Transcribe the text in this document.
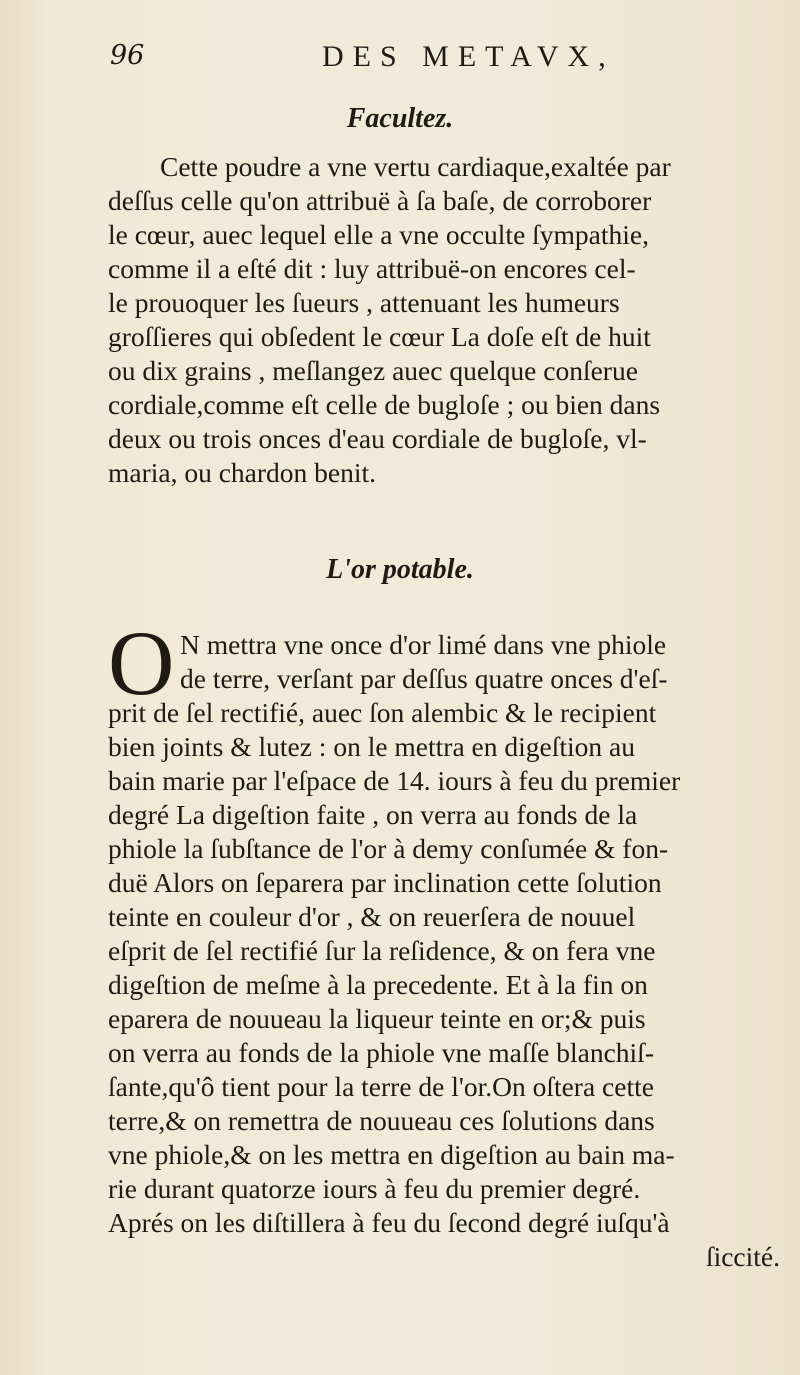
96	DES METAVX,
Facultez.
Cette poudre a vne vertu cardiaque,exaltée par
deſſus celle qu'on attribuë à ſa baſe, de corroborer
le cœur, auec lequel elle a vne occulte ſympathie,
comme il a eſté dit : luy attribuë-on encores cel-
le prouoquer les ſueurs , attenuant les humeurs
groſſieres qui obſedent le cœur La doſe eſt de huit
ou dix grains , meſlangez auec quelque conſerue
cordiale,comme eſt celle de bugloſe ; ou bien dans
deux ou trois onces d'eau cordiale de bugloſe, vl-
maria, ou chardon benit.
L'or potable.
O N mettra vne once d'or limé dans vne phiole
de terre, verſant par deſſus quatre onces d'eſ-
prit de ſel rectifié, auec ſon alembic & le recipient
bien joints & lutez : on le mettra en digeſtion au
bain marie par l'eſpace de 14. iours à feu du premier
degré La digeſtion faite , on verra au fonds de la
phiole la ſubſtance de l'or à demy conſumée & fon-
duë Alors on ſeparera par inclination cette ſolution
teinte en couleur d'or , & on reuerſera de nouuel
eſprit de ſel rectifié ſur la reſidence, & on fera vne
digeſtion de meſme à la precedente. Et à la fin on
eparera de nouueau la liqueur teinte en or;& puis
on verra au fonds de la phiole vne maſſe blanchiſ-
ſante,qu'ô tient pour la terre de l'or.On oſtera cette
terre,& on remettra de nouueau ces ſolutions dans
vne phiole,& on les mettra en digeſtion au bain ma-
rie durant quatorze iours à feu du premier degré.
Aprés on les diſtillera à feu du ſecond degré iuſqu'à
ſiccité.
